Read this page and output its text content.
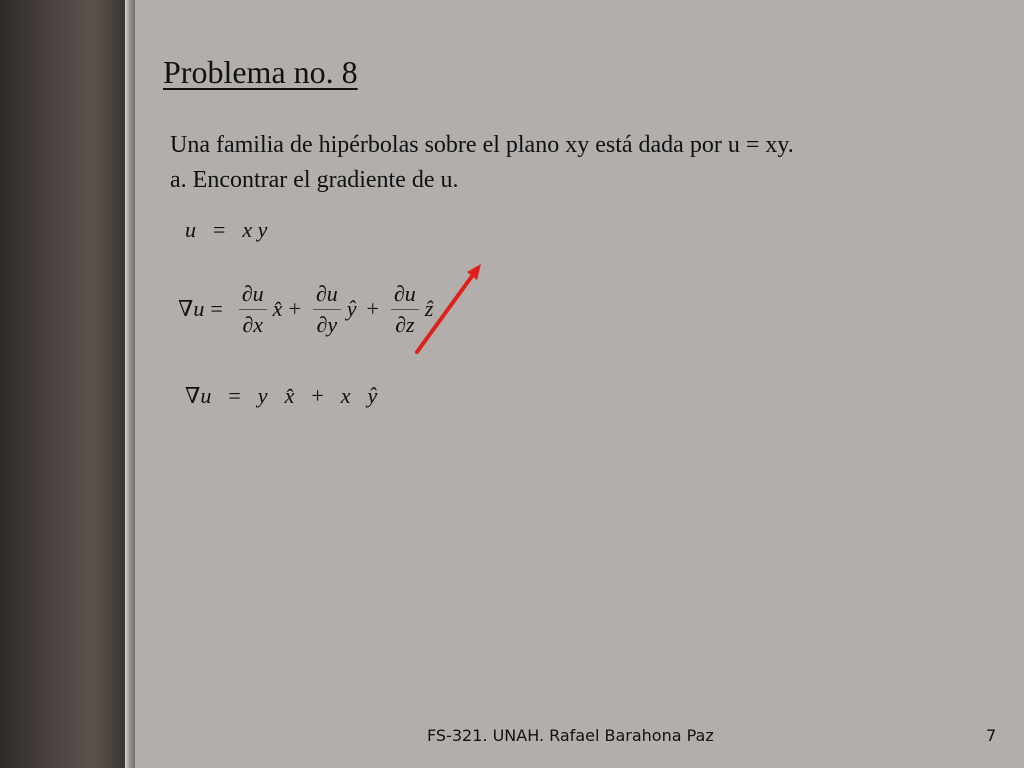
Problema no. 8
Una familia de hipérbolas sobre el plano xy está dada por u = xy.
a. Encontrar el gradiente de u.
u = x y
$\nabla u = \frac{\partial u}{\partial x}$ x̂ + $\frac{\partial u}{\partial y}$ ŷ + $\frac{\partial u}{\partial z}$ ẑ
∇u = y x̂ + x ŷ
FS-321. UNAH. Rafael Barahona Paz	7
